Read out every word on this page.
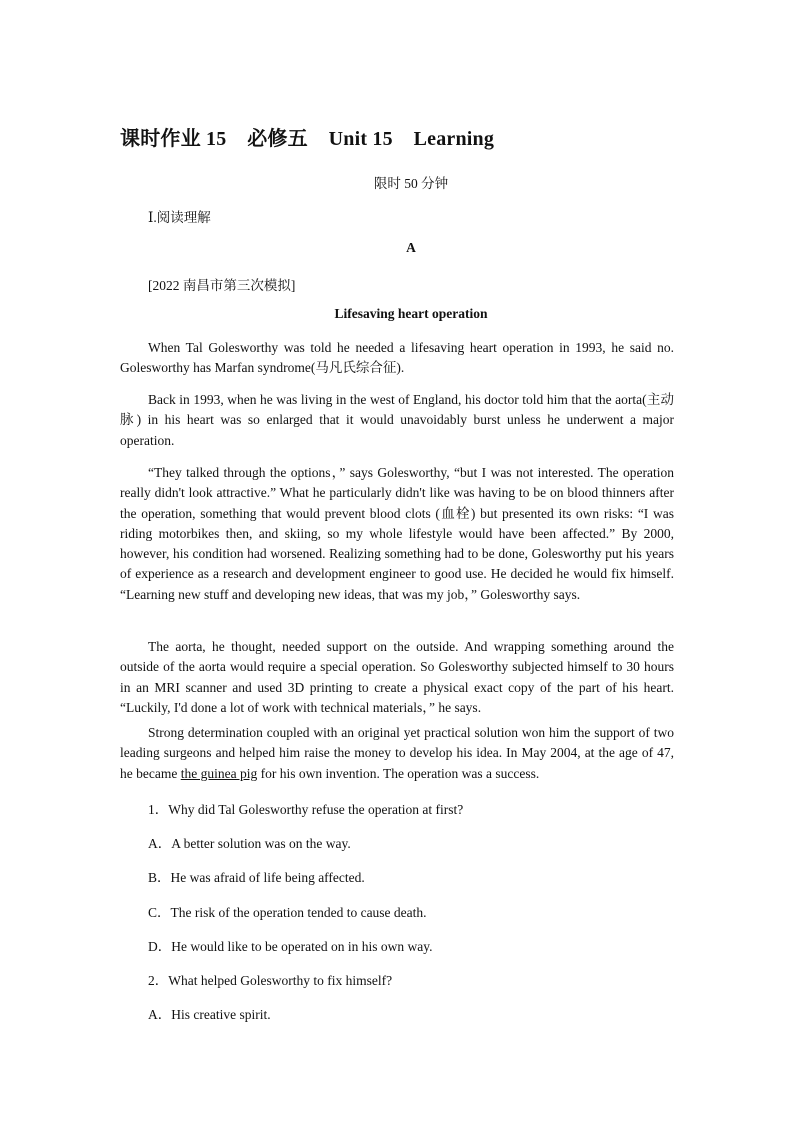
课时作业 15    必修五    Unit 15    Learning
限时 50 分钟
Ⅰ.阅读理解
A
[2022 南昌市第三次模拟]
Lifesaving heart operation
When Tal Golesworthy was told he needed a lifesaving heart operation in 1993, he said no. Golesworthy has Marfan syndrome(马凡氏综合征).
Back in 1993, when he was living in the west of England, his doctor told him that the aorta(主动脉) in his heart was so enlarged that it would unavoidably burst unless he underwent a major operation.
“They talked through the options，” says Golesworthy, “but I was not interested. The operation really didn't look attractive.” What he particularly didn't like was having to be on blood thinners after the operation, something that would prevent blood clots (血栓) but presented its own risks: “I was riding motorbikes then, and skiing, so my whole lifestyle would have been affected.” By 2000, however, his condition had worsened. Realizing something had to be done, Golesworthy put his years of experience as a research and development engineer to good use. He decided he would fix himself. “Learning new stuff and developing new ideas, that was my job，” Golesworthy says.
The aorta, he thought, needed support on the outside. And wrapping something around the outside of the aorta would require a special operation. So Golesworthy subjected himself to 30 hours in an MRI scanner and used 3D printing to create a physical exact copy of the part of his heart. “Luckily, I'd done a lot of work with technical materials，” he says.
Strong determination coupled with an original yet practical solution won him the support of two leading surgeons and helped him raise the money to develop his idea. In May 2004, at the age of 47, he became the guinea pig for his own invention. The operation was a success.
1．Why did Tal Golesworthy refuse the operation at first?
A．A better solution was on the way.
B．He was afraid of life being affected.
C．The risk of the operation tended to cause death.
D．He would like to be operated on in his own way.
2．What helped Golesworthy to fix himself?
A．His creative spirit.
